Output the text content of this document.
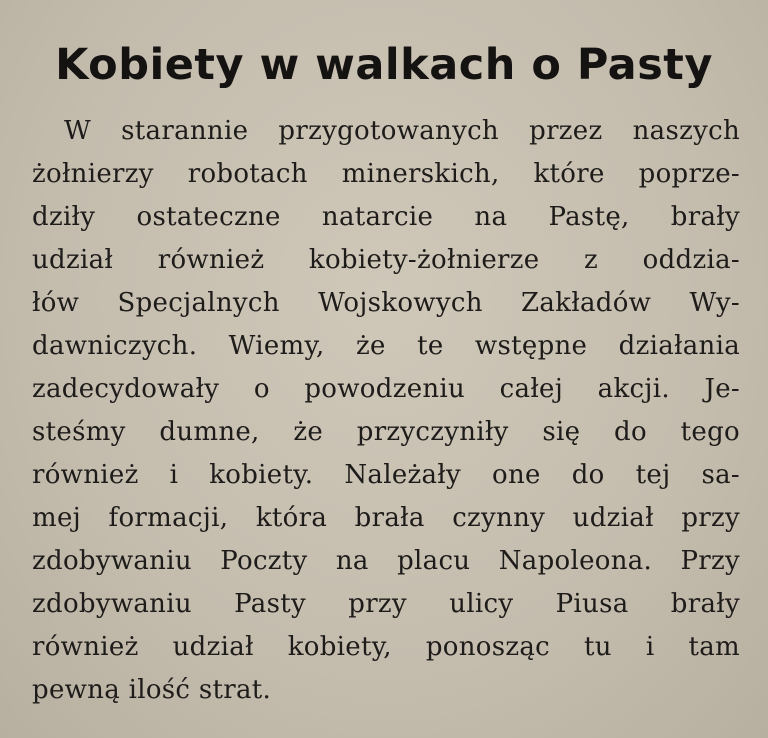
Kobiety w walkach o Pasty
W starannie przygotowanych przez naszych
żołnierzy robotach minerskich, które poprze-
dziły ostateczne natarcie na Pastę, brały
udział również kobiety-żołnierze z oddzia-
łów Specjalnych Wojskowych Zakładów Wy-
dawniczych. Wiemy, że te wstępne działania
zadecydowały o powodzeniu całej akcji. Je-
steśmy dumne, że przyczyniły się do tego
również i kobiety. Należały one do tej sa-
mej formacji, która brała czynny udział przy
zdobywaniu Poczty na placu Napoleona. Przy
zdobywaniu Pasty przy ulicy Piusa brały
również udział kobiety, ponosząc tu i tam
pewną ilość strat.
